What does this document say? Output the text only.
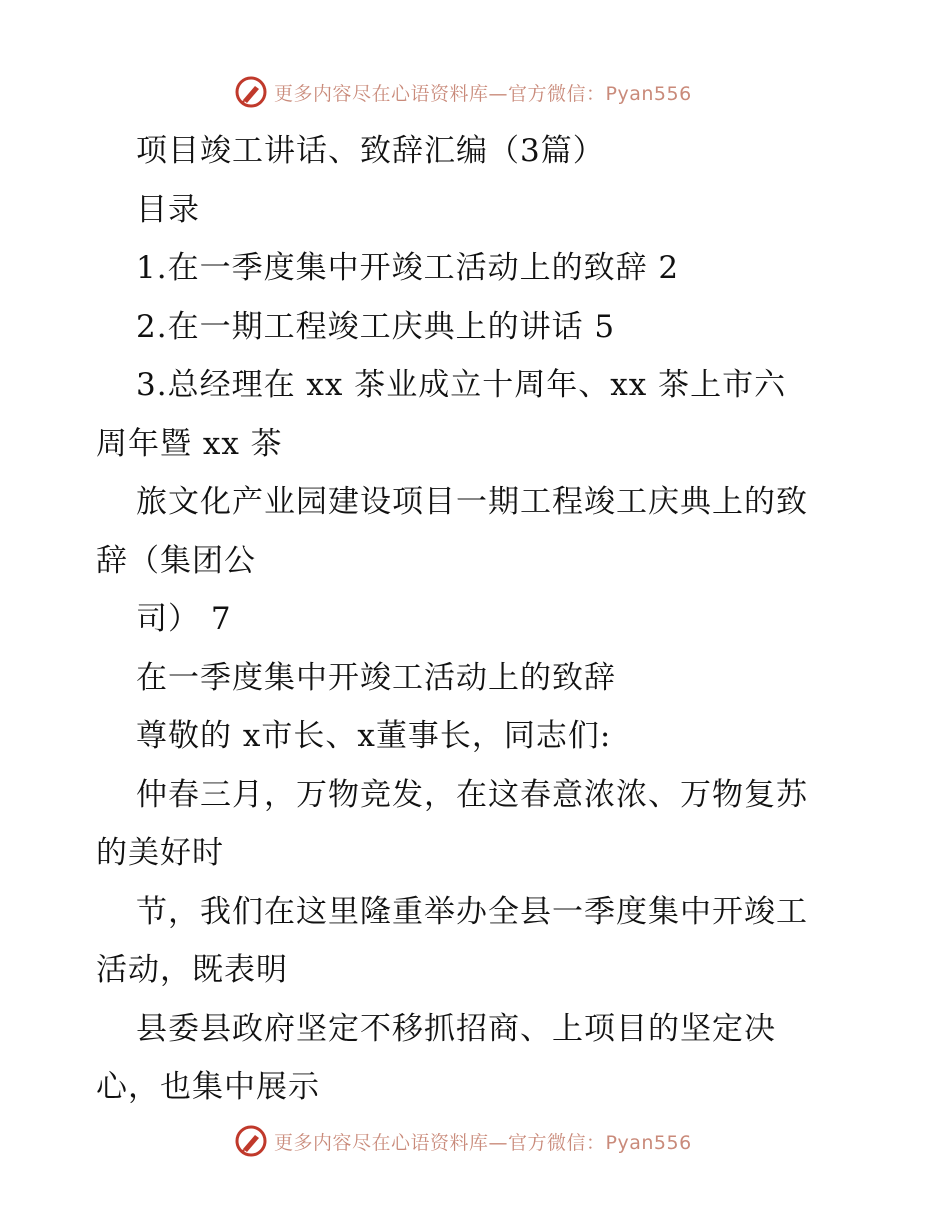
更多内容尽在心语资料库—官方微信：Pyan556
项目竣工讲话、致辞汇编（3篇）
目录
1.在一季度集中开竣工活动上的致辞 2
2.在一期工程竣工庆典上的讲话 5
3.总经理在 xx 茶业成立十周年、xx 茶上市六
周年暨 xx 茶
旅文化产业园建设项目一期工程竣工庆典上的致
辞（集团公
司） 7
在一季度集中开竣工活动上的致辞
尊敬的 x市长、x董事长，同志们:
仲春三月，万物竞发，在这春意浓浓、万物复苏
的美好时
节，我们在这里隆重举办全县一季度集中开竣工
活动，既表明
县委县政府坚定不移抓招商、上项目的坚定决
心，也集中展示
更多内容尽在心语资料库—官方微信：Pyan556
